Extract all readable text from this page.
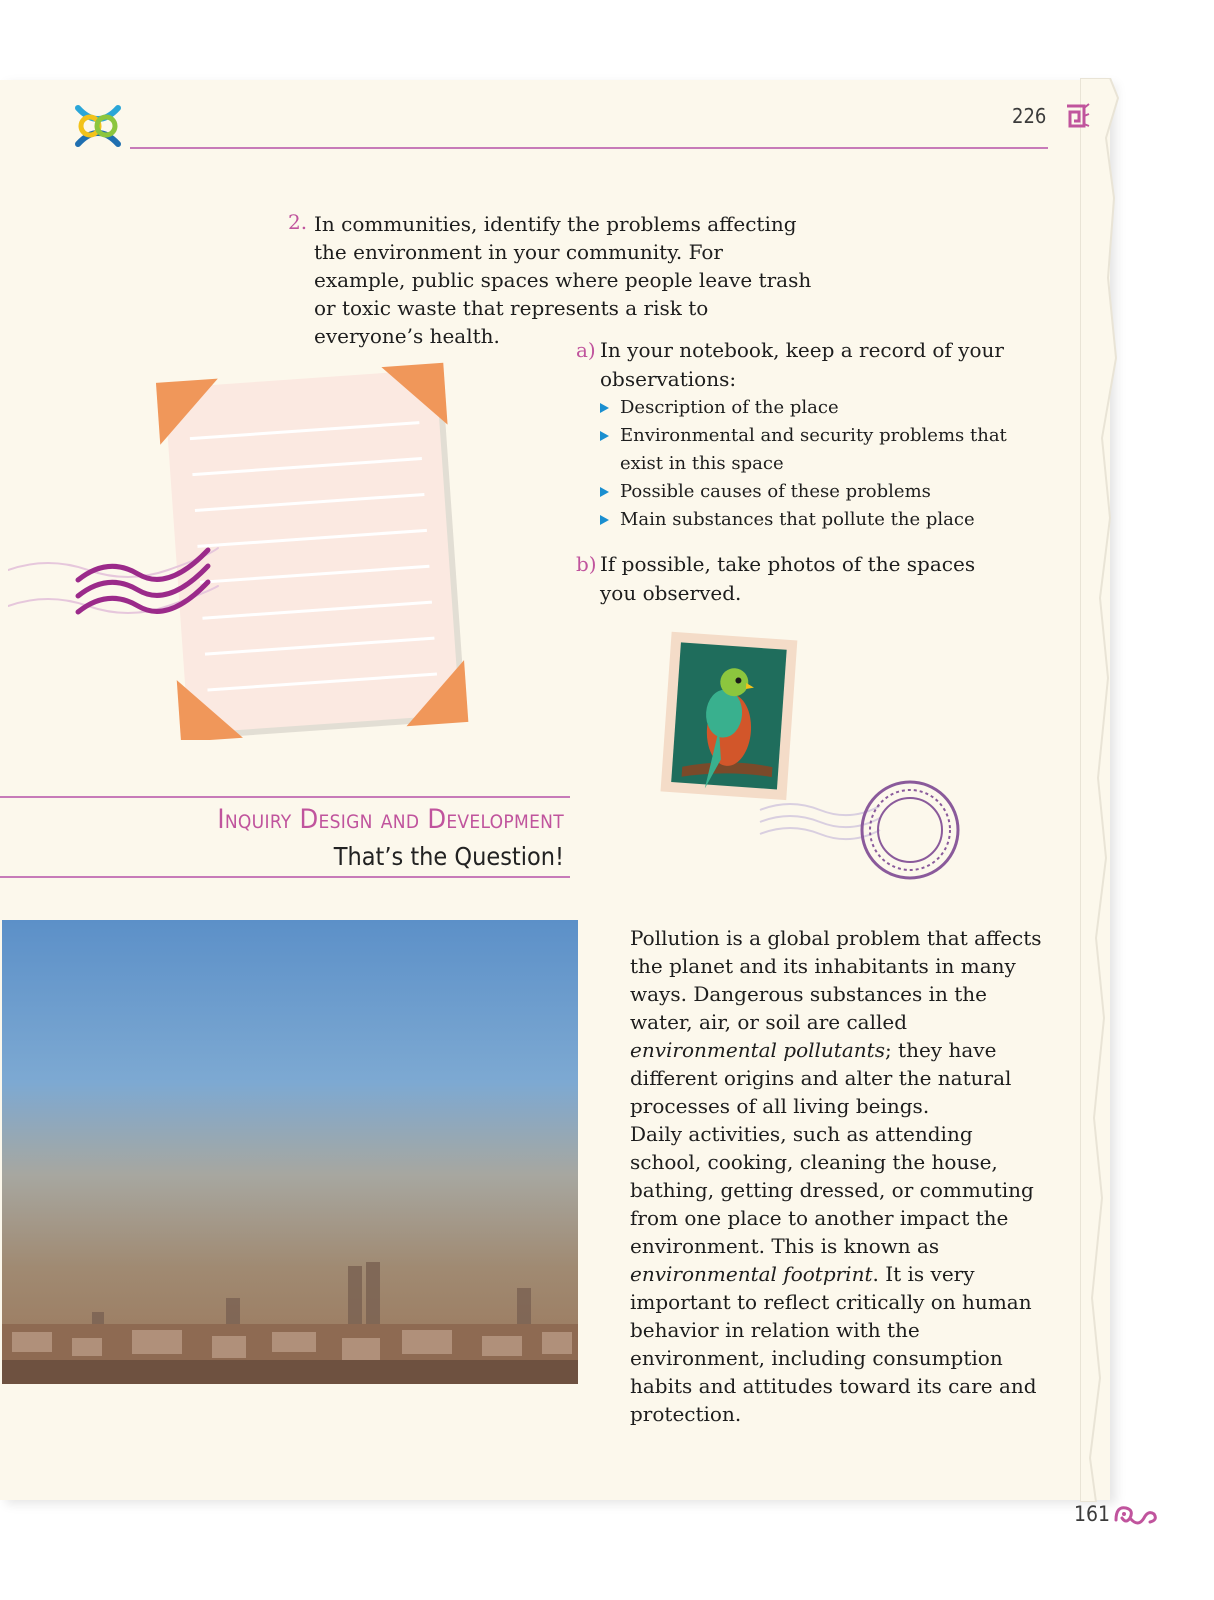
226
2. In communities, identify the problems affecting the environment in your community. For example, public spaces where people leave trash or toxic waste that represents a risk to everyone’s health.
a) In your notebook, keep a record of your observations:
Description of the place
Environmental and security problems that exist in this space
Possible causes of these problems
Main substances that pollute the place
b) If possible, take photos of the spaces you observed.
Inquiry Design and Development
That’s the Question!

Pollution is a global problem that affects the planet and its inhabitants in many ways. Dangerous substances in the water, air, or soil are called environmental pollutants; they have different origins and alter the natural processes of all living beings.

Daily activities, such as attending school, cooking, cleaning the house, bathing, getting dressed, or commuting from one place to another impact the environment. This is known as environmental footprint. It is very important to reflect critically on human behavior in relation with the environment, including consumption habits and attitudes toward its care and protection.

161
